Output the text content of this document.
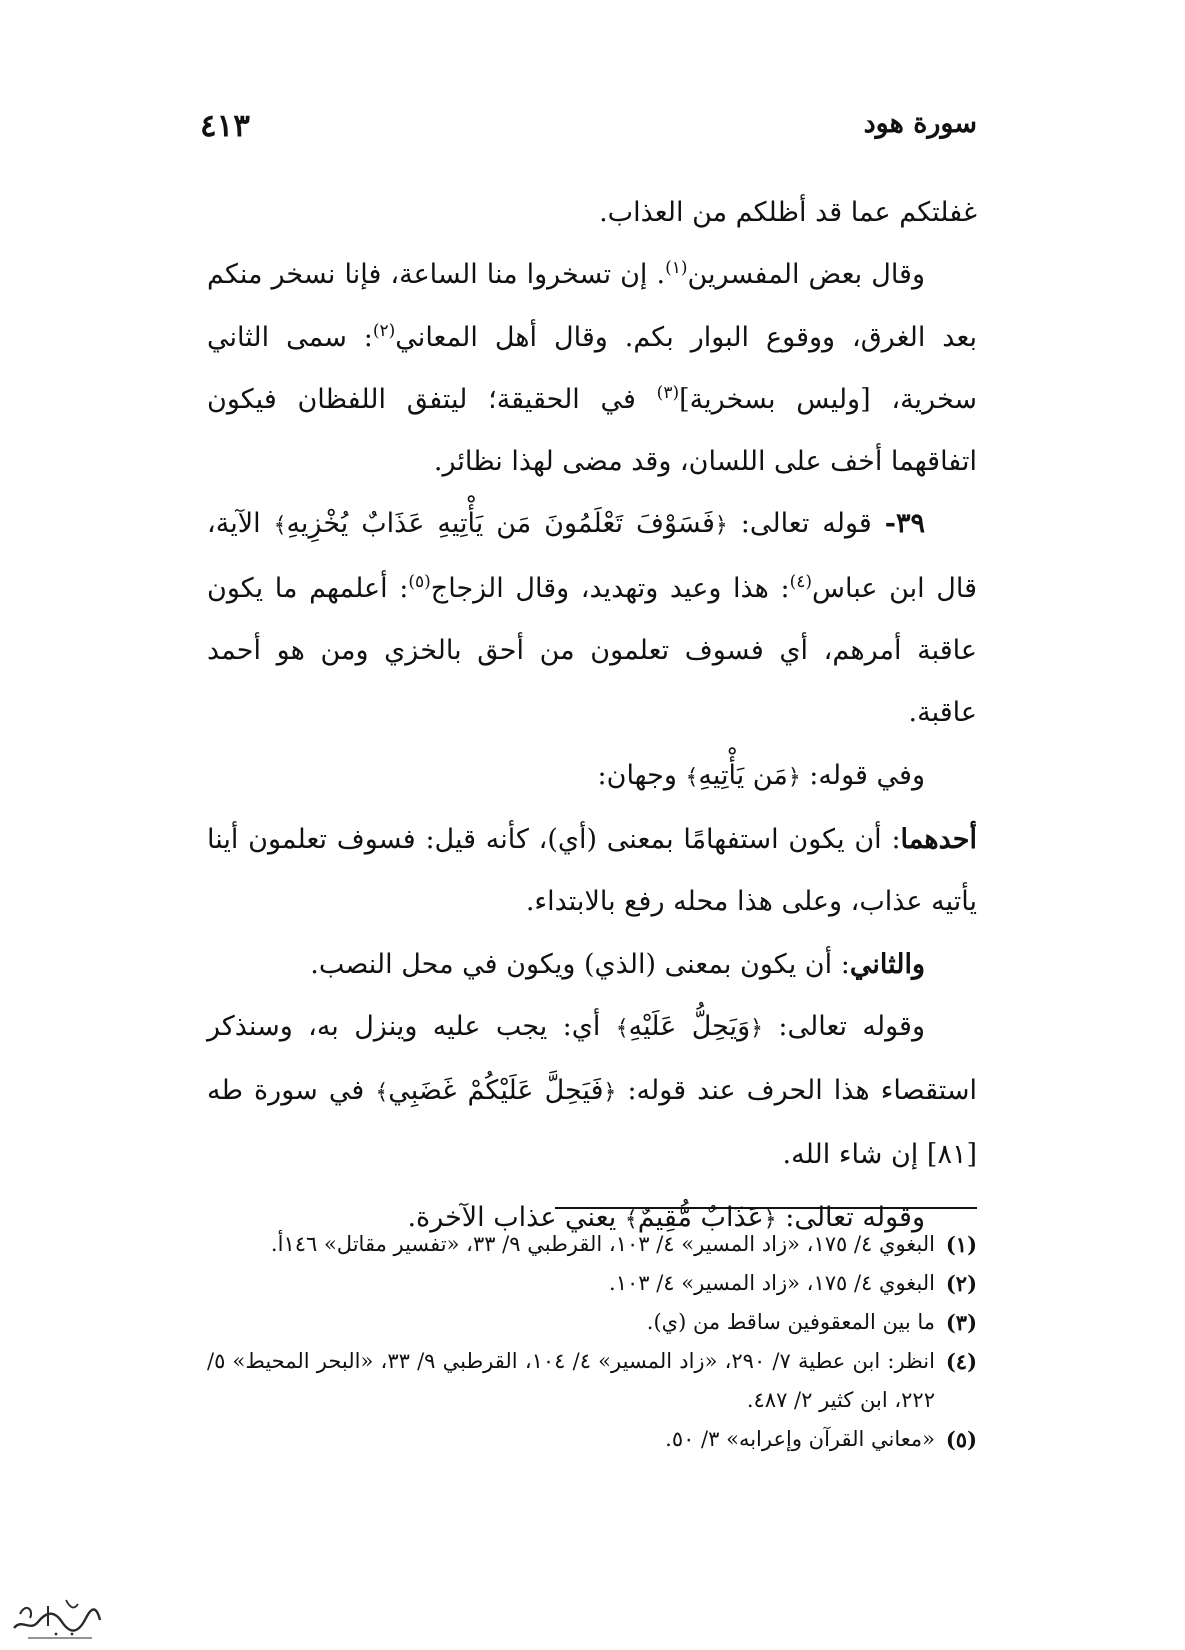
سورة هود
٤١٣

غفلتكم عما قد أظلكم من العذاب.

وقال بعض المفسرين$^{(١)}$. إن تسخروا منا الساعة، فإنا نسخر منكم بعد الغرق، ووقوع البوار بكم. وقال أهل المعاني$^{(٢)}$: سمى الثاني سخرية، [وليس بسخرية]$^{(٣)}$ في الحقيقة؛ ليتفق اللفظان فيكون اتفاقهما أخف على اللسان، وقد مضى لهذا نظائر.

٣٩- قوله تعالى: ﴿فَسَوْفَ تَعْلَمُونَ مَن يَأْتِيهِ عَذَابٌ يُخْزِيهِ﴾ الآية، قال ابن عباس$^{(٤)}$: هذا وعيد وتهديد، وقال الزجاج$^{(٥)}$: أعلمهم ما يكون عاقبة أمرهم، أي فسوف تعلمون من أحق بالخزي ومن هو أحمد عاقبة.

وفي قوله: ﴿مَن يَأْتِيهِ﴾ وجهان:

أحدهما: أن يكون استفهامًا بمعنى (أي)، كأنه قيل: فسوف تعلمون أينا يأتيه عذاب، وعلى هذا محله رفع بالابتداء.

والثاني: أن يكون بمعنى (الذي) ويكون في محل النصب.

وقوله تعالى: ﴿وَيَحِلُّ عَلَيْهِ﴾ أي: يجب عليه وينزل به، وسنذكر استقصاء هذا الحرف عند قوله: ﴿فَيَحِلَّ عَلَيْكُمْ غَضَبِي﴾ في سورة طه [٨١] إن شاء الله.

وقوله تعالى: ﴿عَذَابٌ مُّقِيمٌ﴾ يعني عذاب الآخرة.

(١)
البغوي ٤/ ١٧٥، «زاد المسير» ٤/ ١٠٣، القرطبي ٩/ ٣٣، «تفسير مقاتل» ١٤٦أ.
(٢)
البغوي ٤/ ١٧٥، «زاد المسير» ٤/ ١٠٣.
(٣)
ما بين المعقوفين ساقط من (ي).
(٤)
انظر: ابن عطية ٧/ ٢٩٠، «زاد المسير» ٤/ ١٠٤، القرطبي ٩/ ٣٣، «البحر المحيط» ٥/ ٢٢٢، ابن كثير ٢/ ٤٨٧.
(٥)
«معاني القرآن وإعرابه» ٣/ ٥٠.
